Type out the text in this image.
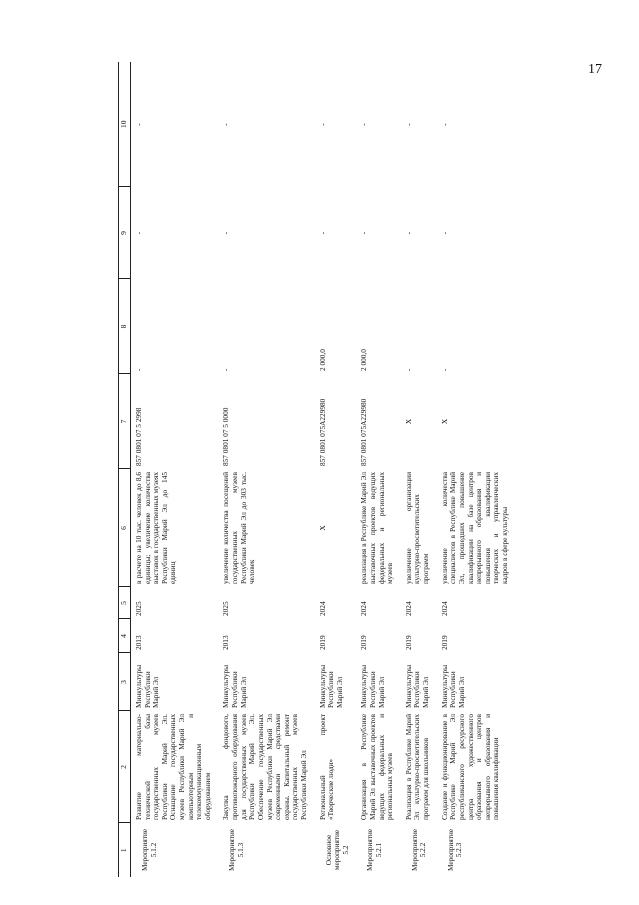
17
1	2	3	4	5	6	7	8	9	10
Мероприятие 5.1.2	Развитие материально-технической базы государственных музеев Республики Марий Эл. Оснащение государственных музеев Республики Марий Эл компьютерным и телекоммуникационным оборудованием	Минкультуры Республики Марий Эл	2013	2025	в расчете на 10 тыс. человек до 8,6 единицы; увеличение количества выставок в государственных музеях Республики Марий Эл до 145 единиц	857 0801 07 5 2998	-	-	-
Мероприятие 5.1.3	Закупка фондового, противопожарного оборудования для государственных музеев Республики Марий Эл. Обеспечение государственных музеев Республики Марий Эл современными средствами охраны. Капитальный ремонт государственных музеев Республики Марий Эл	Минкультуры Республики Марий Эл	2013	2025	увеличение количества посещений государственных музеев Республики Марий Эл до 303 тыс. человек	857 0801 07 5 0000	-	-	-
Основное мероприятие 5.2	Региональный проект «Творческие люди»	Минкультуры Республики Марий Эл	2019	2024	Х	857 0801 075A229980	2 000,0	-	-
Мероприятие 5.2.1	Организация в Республике Марий Эл выставочных проектов ведущих федеральных и региональных музеев	Минкультуры Республики Марий Эл	2019	2024	реализация в Республике Марий Эл выставочных проектов ведущих федеральных и региональных музеев	857 0801 075A229980	2 000,0	-	-
Мероприятие 5.2.2	Реализация в Республике Марий Эл культурно-просветительских программ для школьников	Минкультуры Республики Марий Эл	2019	2024	увеличение организации культурно-просветительских программ	Х	-	-	-
Мероприятие 5.2.3	Создание и функционирование в Республике Марий Эл республиканского ресурсного центра художественного образования и центров непрерывного образования и повышения квалификации	Минкультуры Республики Марий Эл	2019	2024	увеличение количества специалистов в Республике Марий Эл, прошедших повышение квалификации на базе центров непрерывного образования и повышения квалификации творческих и управленческих кадров в сфере культуры	Х	-	-	-
